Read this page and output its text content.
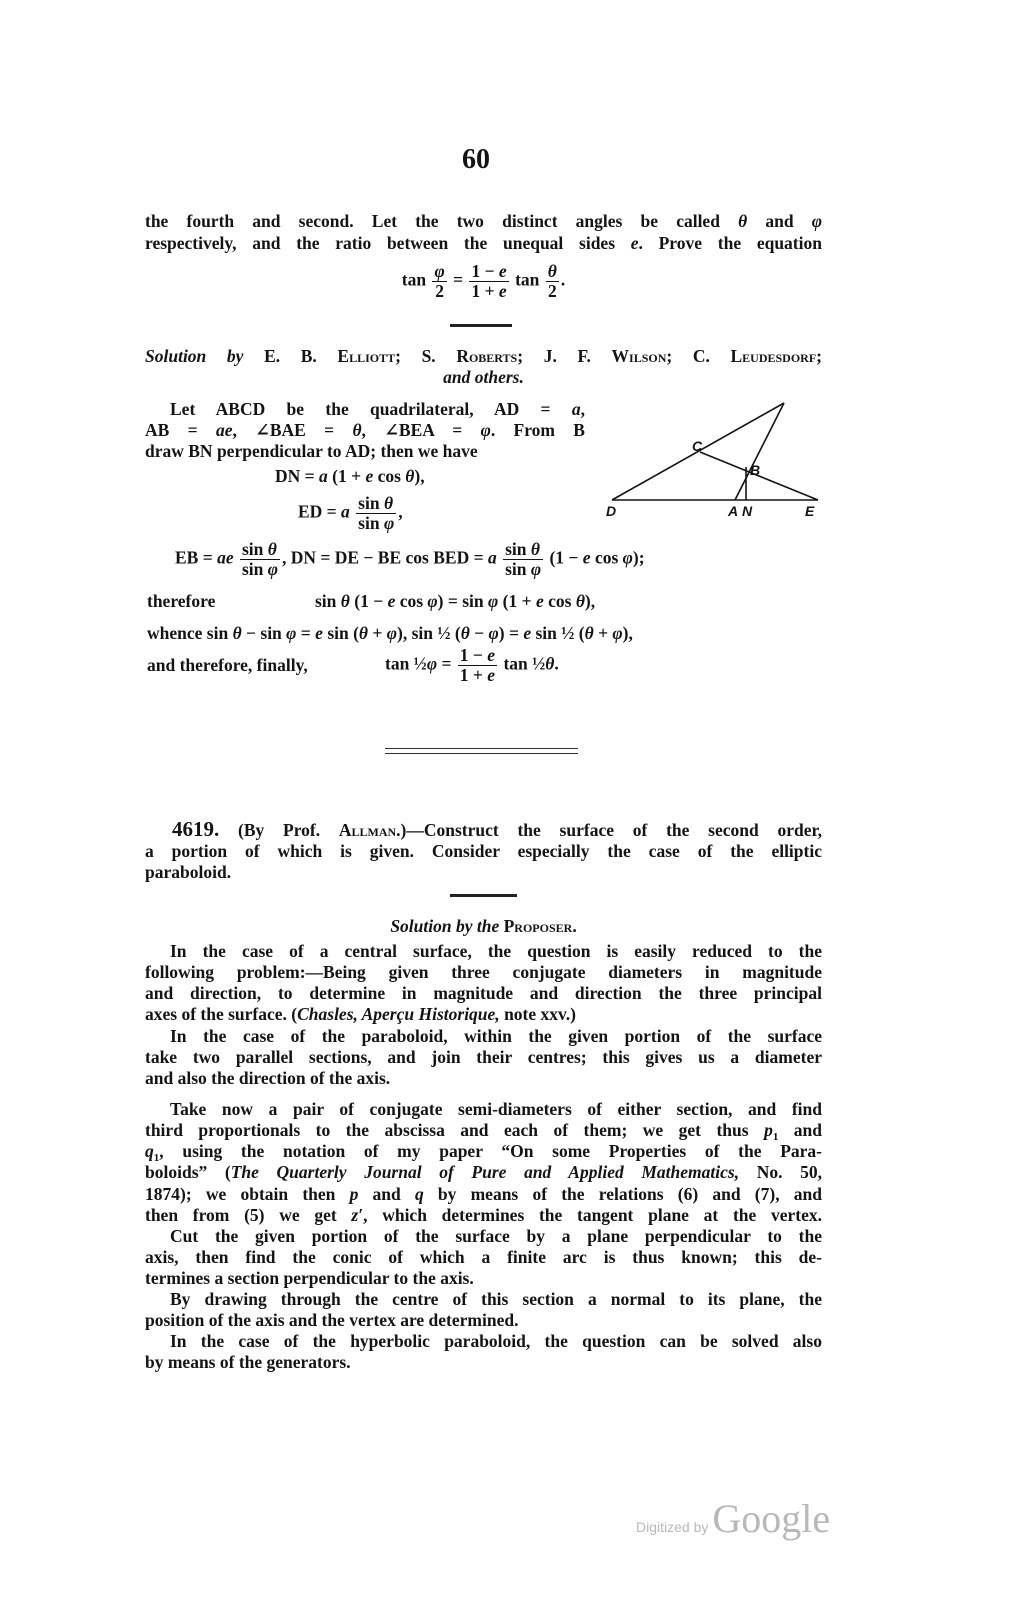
60
the fourth and second. Let the two distinct angles be called θ and φ
respectively, and the ratio between the unequal sides e. Prove the equation
$\tan \frac{\varphi}{2} = \frac{1 - e}{1 + e}$ $\tan \frac{\theta}{2}$ .
Solution by E. B. Elliott; S. Roberts; J. F. Wilson; C. Leudesdorf;
and others.
Let ABCD be the quadrilateral, AD = a,
AB = ae, ∠BAE = θ, ∠BEA = φ. From B
draw BN perpendicular to AD; then we have
DN = a (1 + e cos θ),
ED = a $\frac{\text{sin θ}}{\text{sin φ}}$ ,
EB = ae $\frac{\text{sin θ}}{\text{sin φ}}$ , DN = DE − BE cos BED = a $\frac{\text{sin θ}}{\text{sin φ}} (1 - e$ cos φ);
therefore	sin θ (1 − e cos φ) = sin φ (1 + e cos θ),
whence sin θ − sin φ = e sin (θ + φ), sin ½ (θ − φ) = e sin ½ (θ + φ),
and therefore, finally,	tan ½φ = $\frac{1 - e}{1 + e}$ tan ½θ.
C
B
D	A N	E
4619. (By Prof. Allman.)—Construct the surface of the second order,
a portion of which is given. Consider especially the case of the elliptic
paraboloid.
Solution by the Proposer.
In the case of a central surface, the question is easily reduced to the
following problem:—Being given three conjugate diameters in magnitude
and direction, to determine in magnitude and direction the three principal
axes of the surface. (Chasles, Aperçu Historique, note xxv.)
In the case of the paraboloid, within the given portion of the surface
take two parallel sections, and join their centres; this gives us a diameter
and also the direction of the axis.
Take now a pair of conjugate semi-diameters of either section, and find
third proportionals to the abscissa and each of them; we get thus $p_1$ and
$q_1$, using the notation of my paper “On some Properties of the Para-
boloids” (The Quarterly Journal of Pure and Applied Mathematics, No. 50,
1874); we obtain then p and q by means of the relations (6) and (7), and
then from (5) we get z′, which determines the tangent plane at the vertex.
Cut the given portion of the surface by a plane perpendicular to the
axis, then find the conic of which a finite arc is thus known; this de-
termines a section perpendicular to the axis.
By drawing through the centre of this section a normal to its plane, the
position of the axis and the vertex are determined.
In the case of the hyperbolic paraboloid, the question can be solved also
by means of the generators.
Digitized by Google
